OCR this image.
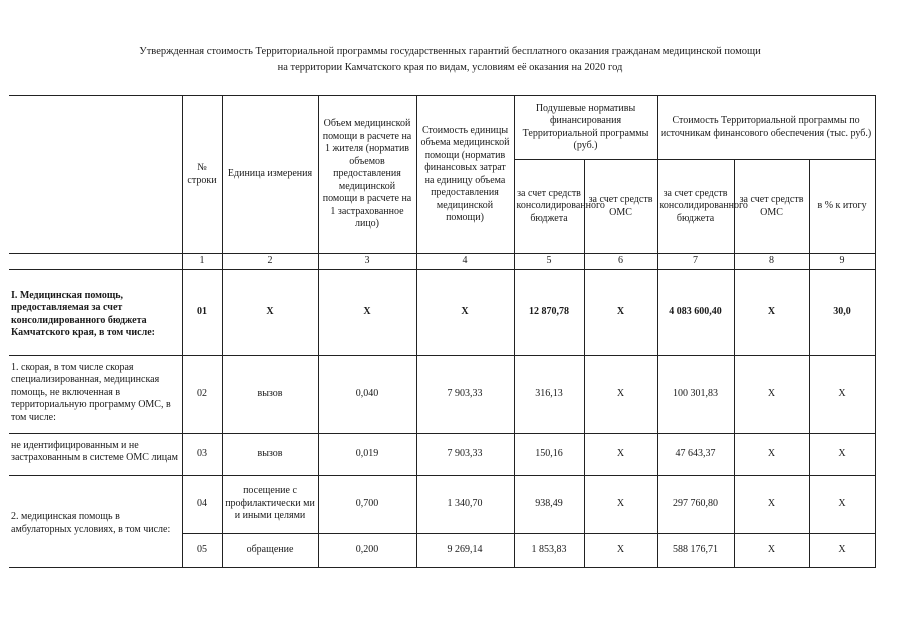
Утвержденная стоимость Территориальной программы государственных гарантий бесплатного оказания гражданам медицинской помощи
на территории Камчатского края по видам, условиям её оказания на 2020 год
	№ строки	Единица измерения	Объем медицинской помощи в расчете на 1 жителя (норматив объемов предоставления медицинской помощи в расчете на 1 застрахованное лицо)	Стоимость единицы объема медицинской помощи (норматив финансовых затрат на единицу объема предоставления медицинской помощи)	Подушевые нормативы финансирования Территориальной программы (руб.)		Стоимость Территориальной программы по источникам финансового обеспечения (тыс. руб.)		
					за счет средств консолидированного бюджета	за счет средств ОМС	за счет средств консолидированного бюджета	за счет средств ОМС	в % к итогу
	1	2	3	4	5	6	7	8	9
I. Медицинская помощь, предоставляемая за счет консолидированного бюджета Камчатского края, в том числе:	01	X	X	X	12 870,78	X	4 083 600,40	X	30,0
1. скорая, в том числе скорая специализированная, медицинская помощь, не включенная в территориальную программу ОМС, в том числе:	02	вызов	0,040	7 903,33	316,13	X	100 301,83	X	X
не идентифицированным и не застрахованным в системе ОМС лицам	03	вызов	0,019	7 903,33	150,16	X	47 643,37	X	X
2. медицинская помощь в амбулаторных условиях, в том числе:	04	посещение с профилактически ми и иными целями	0,700	1 340,70	938,49	X	297 760,80	X	X
	05	обращение	0,200	9 269,14	1 853,83	X	588 176,71	X	X
